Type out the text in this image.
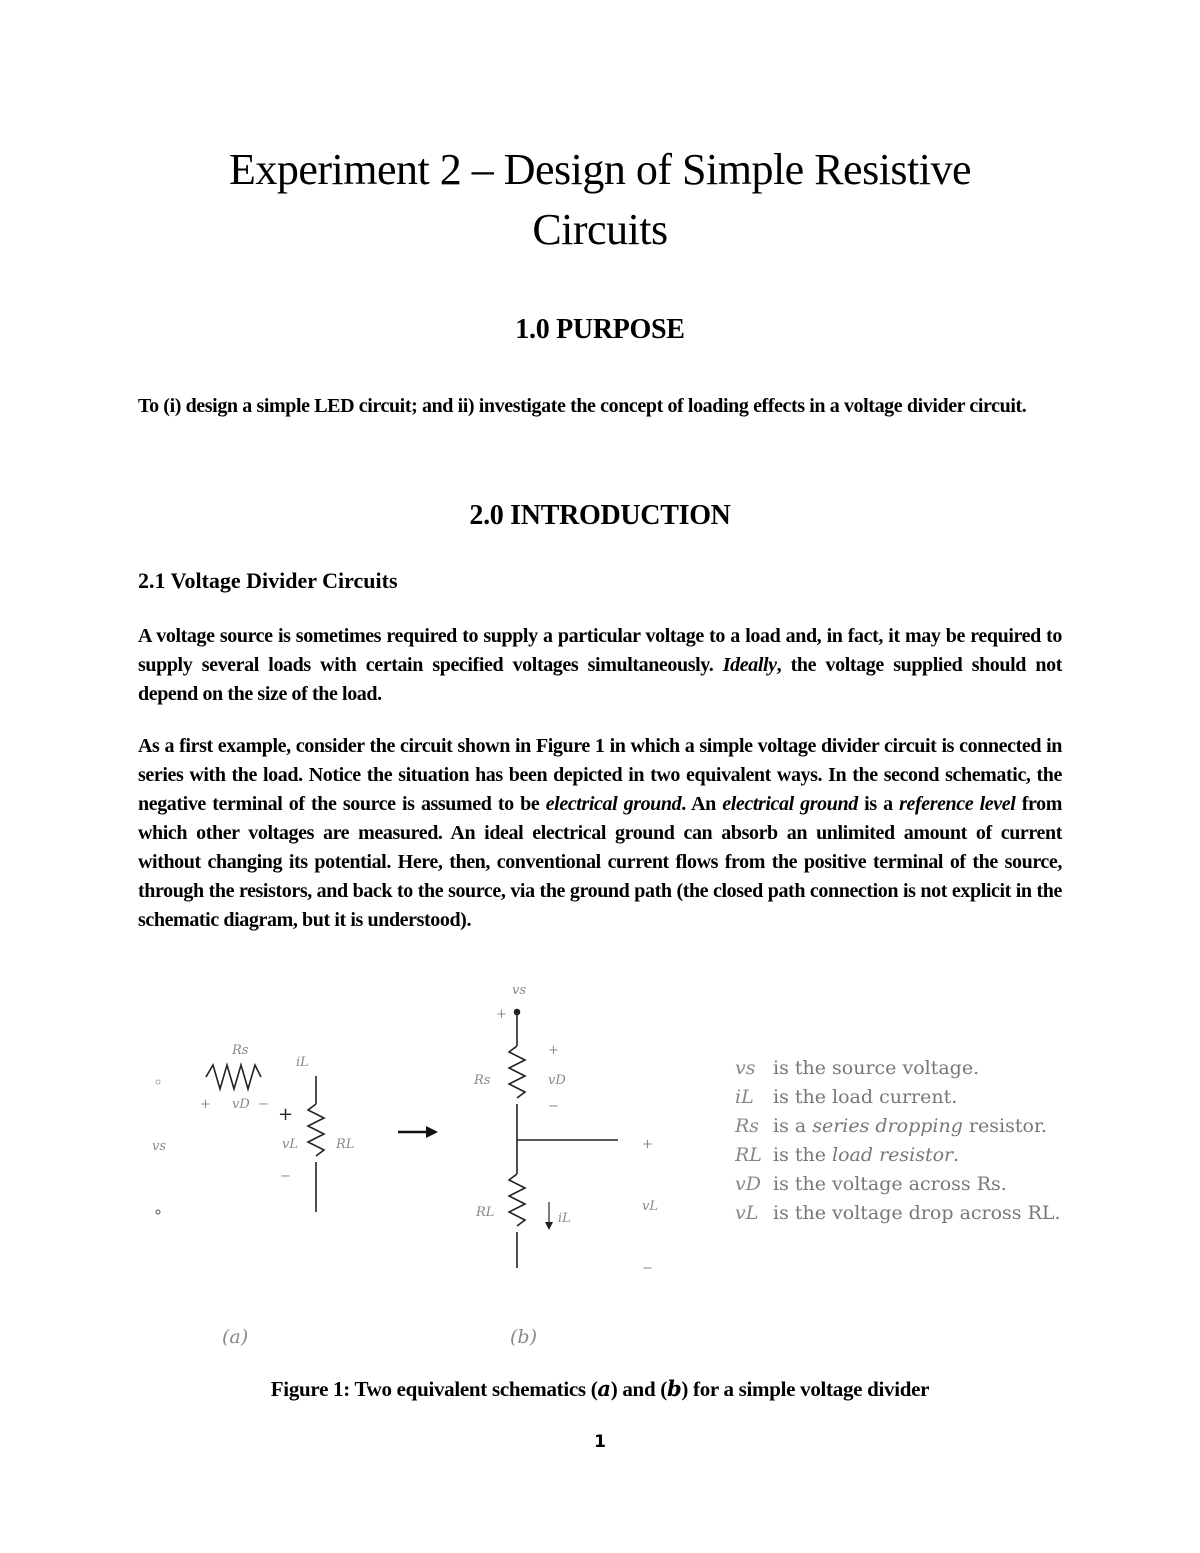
Experiment 2 – Design of Simple Resistive
Circuits
1.0 PURPOSE

To (i) design a simple LED circuit; and ii) investigate the concept of loading effects in a voltage divider circuit.

2.0 INTRODUCTION
2.1 Voltage Divider Circuits

A voltage source is sometimes required to supply a particular voltage to a load and, in fact, it may be required to supply several loads with certain specified voltages simultaneously. Ideally, the voltage supplied should not depend on the size of the load.

As a first example, consider the circuit shown in Figure 1 in which a simple voltage divider circuit is connected in series with the load. Notice the situation has been depicted in two equivalent ways. In the second schematic, the negative terminal of the source is assumed to be electrical ground. An electrical ground is a reference level from which other voltages are measured. An ideal electrical ground can absorb an unlimited amount of current without changing its potential. Here, then, conventional current flows from the positive terminal of the source, through the resistors, and back to the source, via the ground path (the closed path connection is not explicit in the schematic diagram, but it is understood).

Rs
iL
vs
vD
vL	RL
+	− +
−
vs
+
Rs	vD
+
−
RL	iL
+
vL
−
vs is the source voltage.
iL is the load current.
Rs is a series dropping resistor.
RL is the load resistor.
vD is the voltage across Rs.
vL is the voltage drop across RL.
(a)	(b)
Figure 1: Two equivalent schematics (a) and (b) for a simple voltage divider
1
